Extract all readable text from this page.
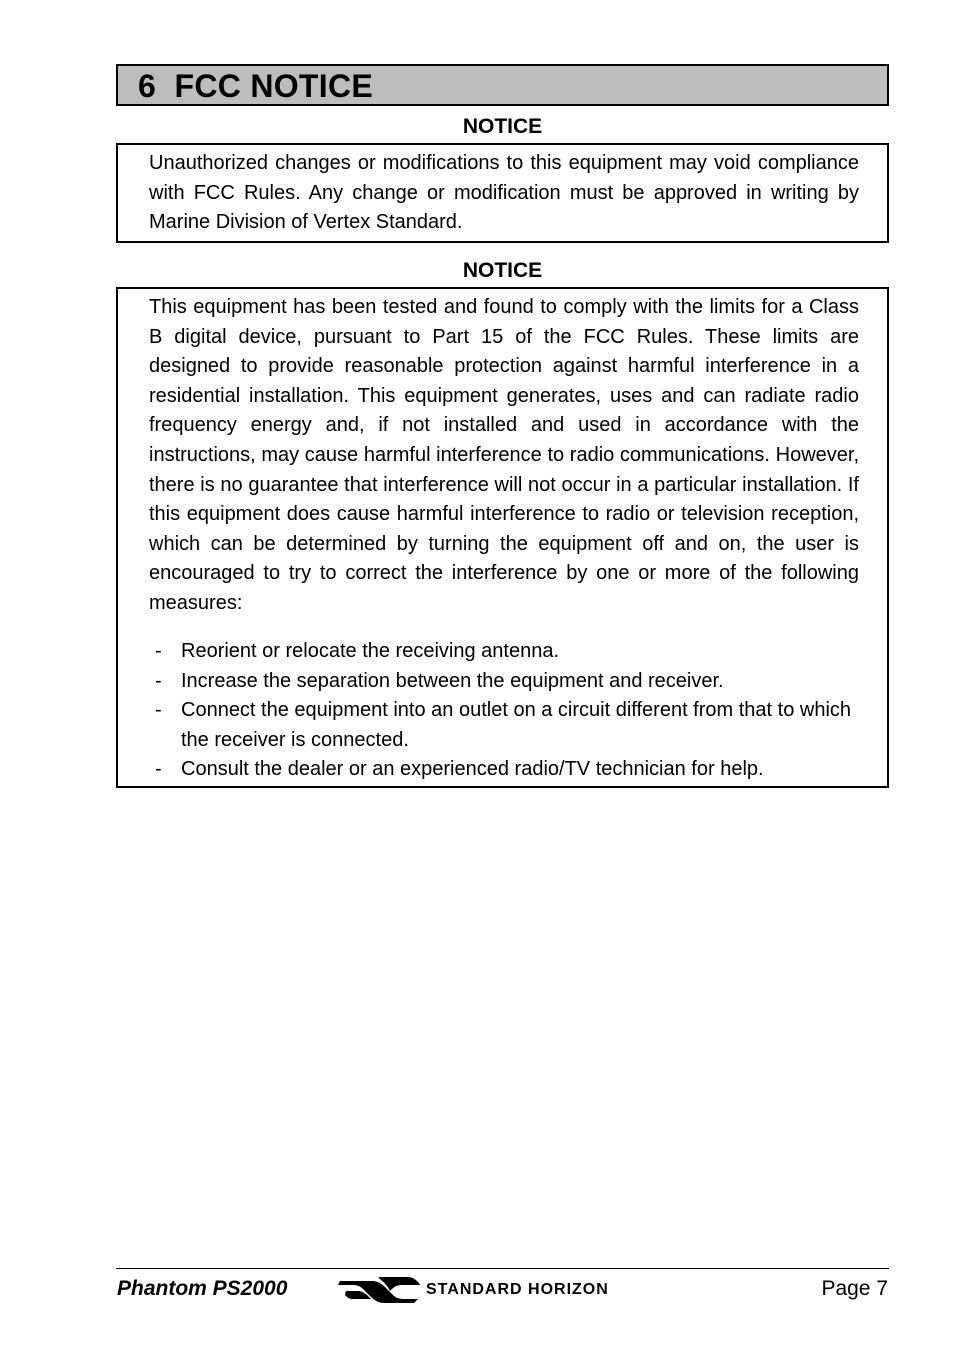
6  FCC NOTICE
NOTICE

Unauthorized changes or modifications to this equipment may void compliance with FCC Rules. Any change or modification must be approved in writing by Marine Division of Vertex Standard.

NOTICE

This equipment has been tested and found to comply with the limits for a Class B digital device, pursuant to Part 15 of the FCC Rules. These limits are designed to provide reasonable protection against harmful interference in a residential installation. This equipment generates, uses and can radiate radio frequency energy and, if not installed and used in accordance with the instructions, may cause harmful interference to radio communications. However, there is no guarantee that interference will not occur in a particular installation. If this equipment does cause harmful interference to radio or television reception, which can be determined by turning the equipment off and on, the user is encouraged to try to correct the interference by one or more of the following measures:

- Reorient or relocate the receiving antenna.
- Increase the separation between the equipment and receiver.
- Connect the equipment into an outlet on a circuit different from that to which the receiver is connected.
- Consult the dealer or an experienced radio/TV technician for help.
Phantom PS2000	STANDARD HORIZON	Page 7
